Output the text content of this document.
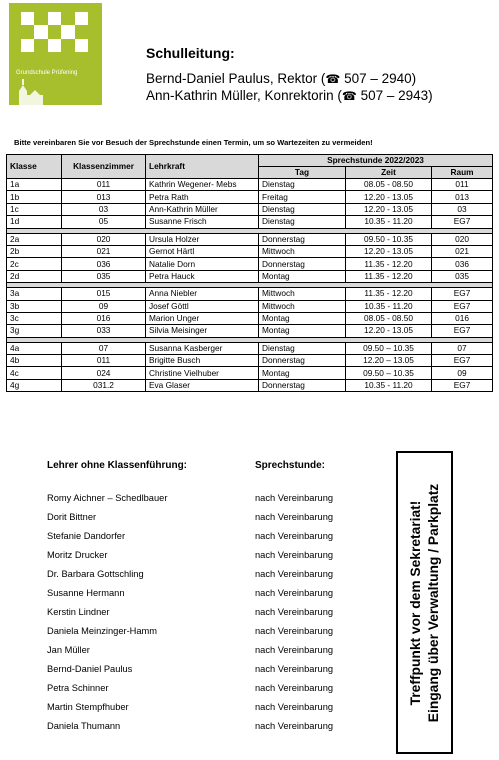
Grundschule Prüfening
Schulleitung:
Bernd-Daniel Paulus, Rektor (☎ 507 – 2940)
Ann-Kathrin Müller, Konrektorin (☎ 507 – 2943)
Bitte vereinbaren Sie vor Besuch der Sprechstunde einen Termin, um so Wartezeiten zu vermeiden!
Klasse	Klassenzimmer	Lehrkraft	Sprechstunde 2022/2023		
			Tag	Zeit	Raum
1a	011	Kathrin Wegener- Mebs	Dienstag	08.05 - 08.50	011
1b	013	Petra Rath	Freitag	12.20 - 13.05	013
1c	03	Ann-Kathrin Müller	Dienstag	12.20 - 13.05	03
1d	05	Susanne Frisch	Dienstag	10.35 - 11.20	EG7

2a	020	Ursula Holzer	Donnerstag	09.50 - 10.35	020
2b	021	Gernot Härtl	Mittwoch	12.20 - 13.05	021
2c	036	Natalie Dorn	Donnerstag	11.35 - 12.20	036
2d	035	Petra Hauck	Montag	11.35 - 12.20	035

3a	015	Anna Niebler	Mittwoch	11.35 - 12.20	EG7
3b	09	Josef Göttl	Mittwoch	10.35 - 11.20	EG7
3c	016	Marion Unger	Montag	08.05 - 08.50	016
3g	033	Silvia Meisinger	Montag	12.20 - 13.05	EG7

4a	07	Susanna Kasberger	Dienstag	09.50 – 10.35	07
4b	011	Brigitte Busch	Donnerstag	12.20 – 13.05	EG7
4c	024	Christine Vielhuber	Montag	09.50 – 10.35	09
4g	031.2	Eva Glaser	Donnerstag	10.35 - 11.20	EG7
Lehrer ohne Klassenführung:	Sprechstunde:
Romy Aichner – Schedlbauer	nach Vereinbarung
Dorit Bittner	nach Vereinbarung
Stefanie Dandorfer	nach Vereinbarung
Moritz Drucker	nach Vereinbarung
Dr. Barbara Gottschling	nach Vereinbarung
Susanne Hermann	nach Vereinbarung
Kerstin Lindner	nach Vereinbarung
Daniela Meinzinger-Hamm	nach Vereinbarung
Jan Müller	nach Vereinbarung
Bernd-Daniel Paulus	nach Vereinbarung
Petra Schinner	nach Vereinbarung
Martin Stempfhuber	nach Vereinbarung
Daniela Thumann	nach Vereinbarung
Treffpunkt vor dem Sekretariat! Eingang über Verwaltung / Parkplatz
